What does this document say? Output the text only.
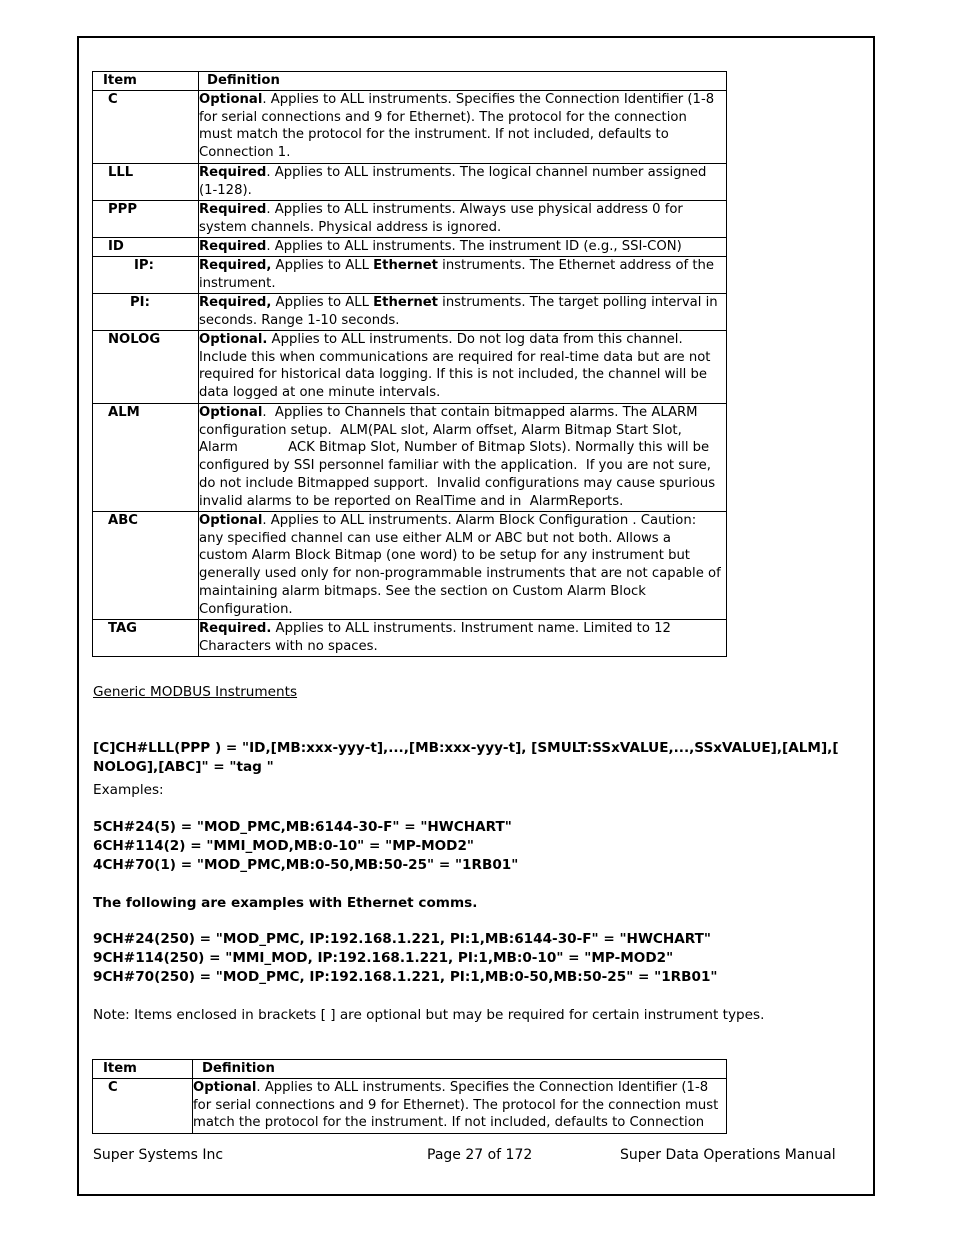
Item	Definition
C	Optional. Applies to ALL instruments. Specifies the Connection Identifier (1-8 for serial connections and 9 for Ethernet). The protocol for the connection must match the protocol for the instrument. If not included, defaults to Connection 1.
LLL	Required. Applies to ALL instruments. The logical channel number assigned (1-128).
PPP	Required. Applies to ALL instruments. Always use physical address 0 for system channels. Physical address is ignored.
ID	Required. Applies to ALL instruments. The instrument ID (e.g., SSI-CON)
IP:	Required, Applies to ALL Ethernet instruments. The Ethernet address of the instrument.
PI:	Required, Applies to ALL Ethernet instruments. The target polling interval in seconds. Range 1-10 seconds.
NOLOG	Optional. Applies to ALL instruments. Do not log data from this channel. Include this when communications are required for real-time data but are not required for historical data logging. If this is not included, the channel will be data logged at one minute intervals.
ALM	Optional.  Applies to Channels that contain bitmapped alarms. The ALARM configuration setup.  ALM(PAL slot, Alarm offset, Alarm Bitmap Start Slot, Alarm            ACK Bitmap Slot, Number of Bitmap Slots). Normally this will be configured by SSI personnel familiar with the application.  If you are not sure, do not include Bitmapped support.  Invalid configurations may cause spurious invalid alarms to be reported on RealTime and in  AlarmReports.
ABC	Optional. Applies to ALL instruments. Alarm Block Configuration . Caution: any specified channel can use either ALM or ABC but not both. Allows a custom Alarm Block Bitmap (one word) to be setup for any instrument but generally used only for non-programmable instruments that are not capable of maintaining alarm bitmaps. See the section on Custom Alarm Block Configuration.
TAG	Required. Applies to ALL instruments. Instrument name. Limited to 12 Characters with no spaces.
Generic MODBUS Instruments
[C]CH#LLL(PPP ) = "ID,[MB:xxx-yyy-t],...,[MB:xxx-yyy-t], [SMULT:SSxVALUE,...,SSxVALUE],[ALM],[
NOLOG],[ABC]" = "tag "
Examples:
5CH#24(5) = "MOD_PMC,MB:6144-30-F" = "HWCHART"
6CH#114(2) = "MMI_MOD,MB:0-10" = "MP-MOD2"
4CH#70(1) = "MOD_PMC,MB:0-50,MB:50-25" = "1RB01"
The following are examples with Ethernet comms.
9CH#24(250) = "MOD_PMC, IP:192.168.1.221, PI:1,MB:6144-30-F" = "HWCHART"
9CH#114(250) = "MMI_MOD, IP:192.168.1.221, PI:1,MB:0-10" = "MP-MOD2"
9CH#70(250) = "MOD_PMC, IP:192.168.1.221, PI:1,MB:0-50,MB:50-25" = "1RB01"
Note: Items enclosed in brackets [ ] are optional but may be required for certain instrument types.
Item	Definition
C	Optional. Applies to ALL instruments. Specifies the Connection Identifier (1-8 for serial connections and 9 for Ethernet). The protocol for the connection must match the protocol for the instrument. If not included, defaults to Connection
Super Systems Inc	Page 27 of 172	Super Data Operations Manual
